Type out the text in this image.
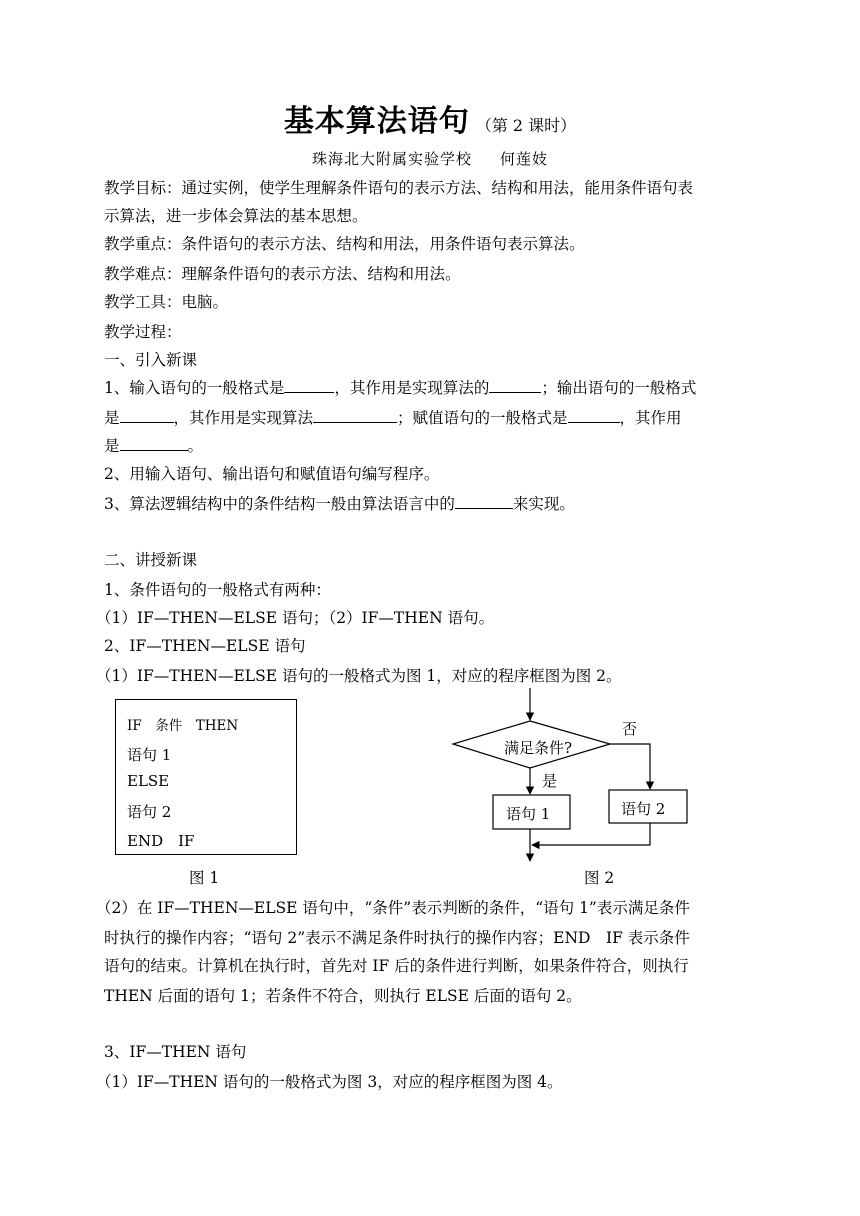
基本算法语句 （第 2 课时）
珠海北大附属实验学校 何莲妓
教学目标：通过实例，使学生理解条件语句的表示方法、结构和用法，能用条件语句表
示算法，进一步体会算法的基本思想。
教学重点：条件语句的表示方法、结构和用法，用条件语句表示算法。
教学难点：理解条件语句的表示方法、结构和用法。
教学工具：电脑。
教学过程：
一、引入新课
1、输入语句的一般格式是	，其作用是实现算法的	；输出语句的一般格式
是	，其作用是实现算法	；赋值语句的一般格式是	，其作用
是	。
2、用输入语句、输出语句和赋值语句编写程序。
3、算法逻辑结构中的条件结构一般由算法语言中的	来实现。
二、讲授新课
1、条件语句的一般格式有两种：
（1）IF—THEN—ELSE 语句；（2）IF—THEN 语句。
2、IF—THEN—ELSE 语句
（1）IF—THEN—ELSE 语句的一般格式为图 1，对应的程序框图为图 2。
IF　条件　THEN
语句 1
ELSE
语句 2
END　IF
图 1
满足条件?
是
否
语句 1	语句 2
图 2
（2）在 IF—THEN—ELSE 语句中，“条件”表示判断的条件，“语句 1”表示满足条件
时执行的操作内容；“语句 2”表示不满足条件时执行的操作内容；END　IF 表示条件
语句的结束。计算机在执行时，首先对 IF 后的条件进行判断，如果条件符合，则执行
THEN 后面的语句 1；若条件不符合，则执行 ELSE 后面的语句 2。
3、IF—THEN 语句
（1）IF—THEN 语句的一般格式为图 3，对应的程序框图为图 4。
